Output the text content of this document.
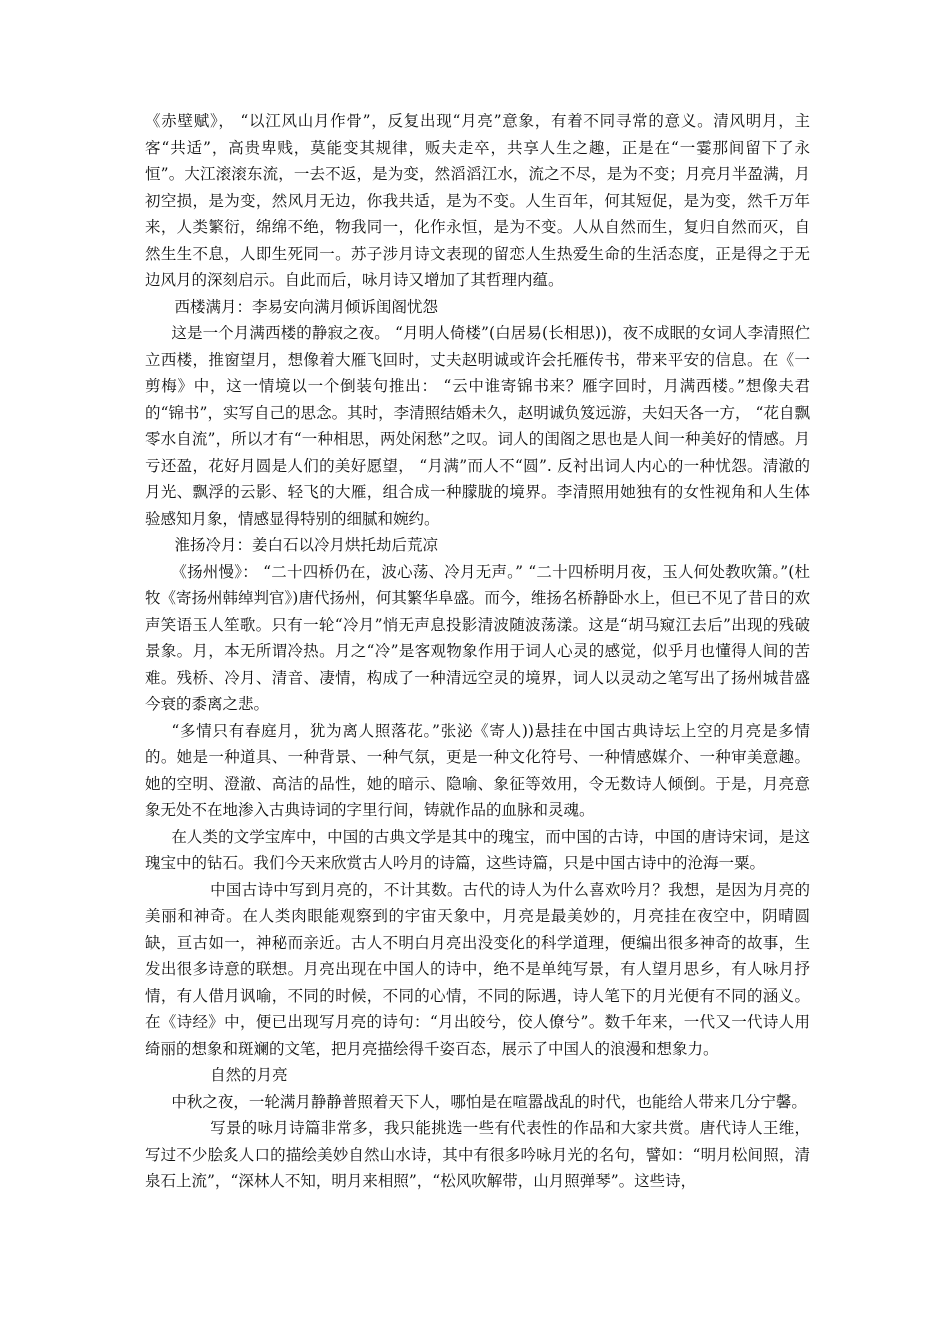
《赤壁赋》， “以江风山月作骨”，反复出现“月亮”意象，有着不同寻常的意义。清风明月，主客“共适”，高贵卑贱，莫能变其规律，贩夫走卒，共享人生之趣，正是在“一霎那间留下了永恒”。大江滚滚东流，一去不返，是为变，然滔滔江水，流之不尽，是为不变；月亮月半盈满，月初空损，是为变，然风月无边，你我共适，是为不变。人生百年，何其短促，是为变，然千万年来，人类繁衍，绵绵不绝，物我同一，化作永恒，是为不变。人从自然而生，复归自然而灭，自然生生不息，人即生死同一。苏子涉月诗文表现的留恋人生热爱生命的生活态度，正是得之于无边风月的深刻启示。自此而后，咏月诗又增加了其哲理内蕴。

西楼满月：李易安向满月倾诉闺阁忧怨

这是一个月满西楼的静寂之夜。 “月明人倚楼”(白居易(长相思))，夜不成眠的女词人李清照伫立西楼，推窗望月，想像着大雁飞回时，丈夫赵明诚或许会托雁传书，带来平安的信息。在《一剪梅》中，这一情境以一个倒装句推出： “云中谁寄锦书来？雁字回时，月满西楼。”想像夫君的“锦书”，实写自己的思念。其时，李清照结婚未久，赵明诚负笈远游，夫妇天各一方， “花自飘零水自流”，所以才有“一种相思，两处闲愁”之叹。词人的闺阁之思也是人间一种美好的情感。月亏还盈，花好月圆是人们的美好愿望， “月满”而人不“圆”. 反衬出词人内心的一种忧怨。清澈的月光、飘浮的云影、轻飞的大雁，组合成一种朦胧的境界。李清照用她独有的女性视角和人生体验感知月象，情感显得特别的细腻和婉约。

淮扬冷月：姜白石以冷月烘托劫后荒凉

《扬州慢》： “二十四桥仍在，波心荡、冷月无声。” “二十四桥明月夜，玉人何处教吹箫。”(杜牧《寄扬州韩绰判官》)唐代扬州，何其繁华阜盛。而今，维扬名桥静卧水上，但已不见了昔日的欢声笑语玉人笙歌。只有一轮“冷月”悄无声息投影清波随波荡漾。这是“胡马窥江去后”出现的残破景象。月，本无所谓冷热。月之“冷”是客观物象作用于词人心灵的感觉，似乎月也懂得人间的苦难。残桥、冷月、清音、凄情，构成了一种清远空灵的境界，词人以灵动之笔写出了扬州城昔盛今衰的黍离之悲。

“多情只有春庭月，犹为离人照落花。”张泌《寄人))悬挂在中国古典诗坛上空的月亮是多情的。她是一种道具、一种背景、一种气氛，更是一种文化符号、一种情感媒介、一种审美意趣。她的空明、澄澈、高洁的品性，她的暗示、隐喻、象征等效用，令无数诗人倾倒。于是，月亮意象无处不在地渗入古典诗词的字里行间，铸就作品的血脉和灵魂。

在人类的文学宝库中，中国的古典文学是其中的瑰宝，而中国的古诗，中国的唐诗宋词，是这瑰宝中的钻石。我们今天来欣赏古人吟月的诗篇，这些诗篇，只是中国古诗中的沧海一粟。

中国古诗中写到月亮的，不计其数。古代的诗人为什么喜欢吟月？我想，是因为月亮的美丽和神奇。在人类肉眼能观察到的宇宙天象中，月亮是最美妙的，月亮挂在夜空中，阴晴圆缺，亘古如一，神秘而亲近。古人不明白月亮出没变化的科学道理，便编出很多神奇的故事，生发出很多诗意的联想。月亮出现在中国人的诗中，绝不是单纯写景，有人望月思乡，有人咏月抒情，有人借月讽喻，不同的时候，不同的心情，不同的际遇，诗人笔下的月光便有不同的涵义。在《诗经》中，便已出现写月亮的诗句：“月出皎兮，佼人僚兮”。数千年来，一代又一代诗人用绮丽的想象和斑斓的文笔，把月亮描绘得千姿百态，展示了中国人的浪漫和想象力。

自然的月亮

中秋之夜，一轮满月静静普照着天下人，哪怕是在喧嚣战乱的时代，也能给人带来几分宁馨。

写景的咏月诗篇非常多，我只能挑选一些有代表性的作品和大家共赏。唐代诗人王维，写过不少脍炙人口的描绘美妙自然山水诗，其中有很多吟咏月光的名句，譬如：“明月松间照，清泉石上流”，“深林人不知，明月来相照”，“松风吹解带，山月照弹琴”。这些诗，
